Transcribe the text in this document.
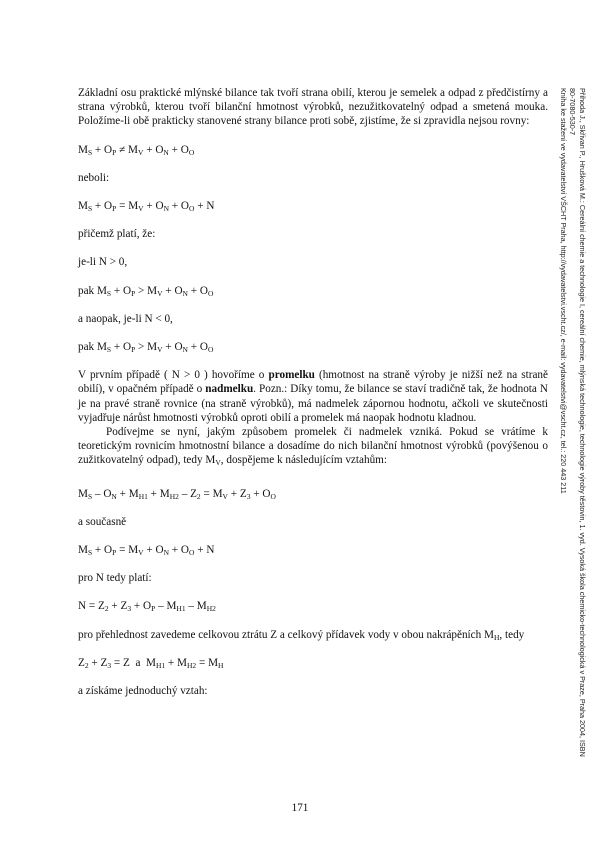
Základní osu praktické mlýnské bilance tak tvoří strana obilí, kterou je semelek a odpad z předčistírny a strana výrobků, kterou tvoří bilanční hmotnost výrobků, nezužitkovatelný odpad a smetená mouka. Položíme-li obě prakticky stanovené strany bilance proti sobě, zjistíme, že si zpravidla nejsou rovny:

$M_S + O_P \ne M_V + O_N + O_O$

neboli:

$M_S + O_P = M_V + O_N + O_O + N$

přičemž platí, že:

je-li N > 0,

pak $M_S + O_P > M_V + O_N + O_O$

a naopak, je-li N < 0,

pak $M_S + O_P > M_V + O_N + O_O$

V prvním případě ( N > 0 ) hovoříme o promelku (hmotnost na straně výroby je nižší než na straně obilí), v opačném případě o nadmelku. Pozn.: Díky tomu, že bilance se staví tradičně tak, že hodnota N je na pravé straně rovnice (na straně výrobků), má nadmelek zápornou hodnotu, ačkoli ve skutečnosti vyjadřuje nárůst hmotnosti výrobků oproti obilí a promelek má naopak hodnotu kladnou.

Podívejme se nyní, jakým způsobem promelek či nadmelek vzniká. Pokud se vrátíme k teoretickým rovnicím hmotnostní bilance a dosadíme do nich bilanční hmotnost výrobků (povýšenou o zužitkovatelný odpad), tedy $M_V$, dospějeme k následujícím vztahům:

$M_S - O_N + M_{H1} + M_{H2} - Z_2 = M_V + Z_3 + O_O$

a současně

$M_S + O_P = M_V + O_N + O_O + N$

pro N tedy platí:

$N = Z_2 + Z_3 + O_P - M_{H1} - M_{H2}$

pro přehlednost zavedeme celkovou ztrátu Z a celkový přídavek vody v obou nakrápěních $M_H$, tedy

$Z_2 + Z_3 = Z$ a $M_{H1} + M_{H2} = M_H$

a získáme jednoduchý vztah:	Příhoda J., Skřivan P., Hrušková M.: Cereální chemie a technologie I, cereální chemie, mlýnská technologie, technologie výroby těstovin, 1. vyd. Vysoká škola chemicko-technologická v Praze, Praha 2004, ISBN
80-7080-530-7
Kniha ke stažení ve vydavatelství VŠCHT Praha, http://vydavatelstvi.vscht.cz/, e-mail: vydavatelstvi@vscht.cz, tel.: 220 443 211
171
